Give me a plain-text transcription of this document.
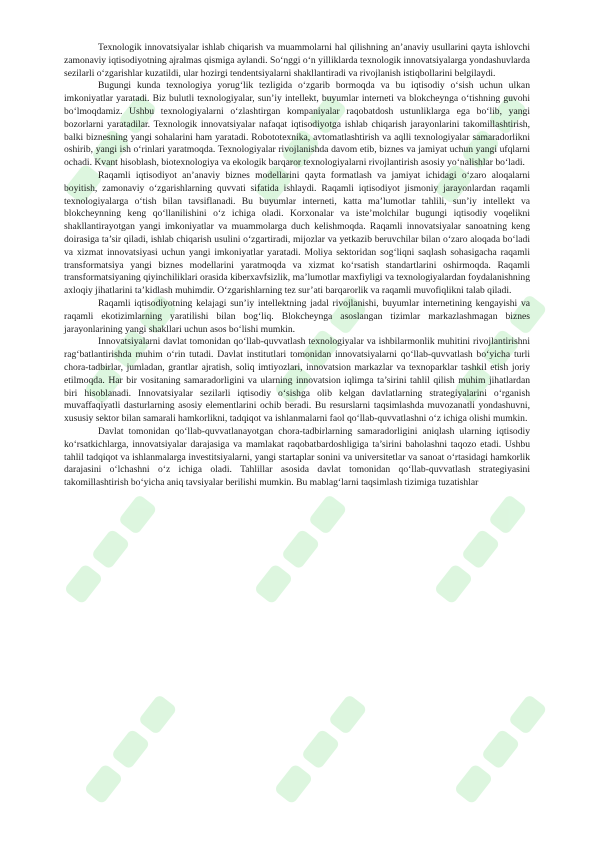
Texnologik innovatsiyalar ishlab chiqarish va muammolarni hal qilishning an’anaviy usullarini qayta ishlovchi zamonaviy iqtisodiyotning ajralmas qismiga aylandi. So‘nggi o‘n yilliklarda texnologik innovatsiyalarga yondashuvlarda sezilarli o‘zgarishlar kuzatildi, ular hozirgi tendentsiyalarni shakllantiradi va rivojlanish istiqbollarini belgilaydi.

Bugungi kunda texnologiya yorug‘lik tezligida o‘zgarib bormoqda va bu iqtisodiy o‘sish uchun ulkan imkoniyatlar yaratadi. Biz bulutli texnologiyalar, sun’iy intellekt, buyumlar interneti va blokcheynga o‘tishning guvohi bo‘lmoqdamiz. Ushbu texnologiyalarni o‘zlashtirgan kompaniyalar raqobatdosh ustunliklarga ega bo‘lib, yangi bozorlarni yaratadilar. Texnologik innovatsiyalar nafaqat iqtisodiyotga ishlab chiqarish jarayonlarini takomillashtirish, balki biznesning yangi sohalarini ham yaratadi. Robototexnika, avtomatlashtirish va aqlli texnologiyalar samaradorlikni oshirib, yangi ish o‘rinlari yaratmoqda. Texnologiyalar rivojlanishda davom etib, biznes va jamiyat uchun yangi ufqlarni ochadi. Kvant hisoblash, biotexnologiya va ekologik barqaror texnologiyalarni rivojlantirish asosiy yo‘nalishlar bo‘ladi.

Raqamli iqtisodiyot an’anaviy biznes modellarini qayta formatlash va jamiyat ichidagi o‘zaro aloqalarni boyitish, zamonaviy o‘zgarishlarning quvvati sifatida ishlaydi. Raqamli iqtisodiyot jismoniy jarayonlardan raqamli texnologiyalarga o‘tish bilan tavsiflanadi. Bu buyumlar interneti, katta ma’lumotlar tahlili, sun’iy intellekt va blokcheynning keng qo‘llanilishini o‘z ichiga oladi. Korxonalar va iste’molchilar bugungi iqtisodiy voqelikni shakllantirayotgan yangi imkoniyatlar va muammolarga duch kelishmoqda. Raqamli innovatsiyalar sanoatning keng doirasiga ta’sir qiladi, ishlab chiqarish usulini o‘zgartiradi, mijozlar va yetkazib beruvchilar bilan o‘zaro aloqada bo‘ladi va xizmat innovatsiyasi uchun yangi imkoniyatlar yaratadi. Moliya sektoridan sog‘liqni saqlash sohasigacha raqamli transformatsiya yangi biznes modellarini yaratmoqda va xizmat ko‘rsatish standartlarini oshirmoqda. Raqamli transformatsiyaning qiyinchiliklari orasida kiberxavfsizlik, ma’lumotlar maxfiyligi va texnologiyalardan foydalanishning axloqiy jihatlarini ta’kidlash muhimdir. O‘zgarishlarning tez sur’ati barqarorlik va raqamli muvofiqlikni talab qiladi.

Raqamli iqtisodiyotning kelajagi sun’iy intellektning jadal rivojlanishi, buyumlar internetining kengayishi va raqamli ekotizimlarning yaratilishi bilan bog‘liq. Blokcheynga asoslangan tizimlar markazlashmagan biznes jarayonlarining yangi shakllari uchun asos bo‘lishi mumkin.

Innovatsiyalarni davlat tomonidan qo‘llab-quvvatlash texnologiyalar va ishbilarmonlik muhitini rivojlantirishni rag‘batlantirishda muhim o‘rin tutadi. Davlat institutlari tomonidan innovatsiyalarni qo‘llab-quvvatlash bo‘yicha turli chora-tadbirlar, jumladan, grantlar ajratish, soliq imtiyozlari, innovatsion markazlar va texnoparklar tashkil etish joriy etilmoqda. Har bir vositaning samaradorligini va ularning innovatsion iqlimga ta’sirini tahlil qilish muhim jihatlardan biri hisoblanadi. Innovatsiyalar sezilarli iqtisodiy o‘sishga olib kelgan davlatlarning strategiyalarini o‘rganish muvaffaqiyatli dasturlarning asosiy elementlarini ochib beradi. Bu resurslarni taqsimlashda muvozanatli yondashuvni, xususiy sektor bilan samarali hamkorlikni, tadqiqot va ishlanmalarni faol qo‘llab-quvvatlashni o‘z ichiga olishi mumkin.

Davlat tomonidan qo‘llab-quvvatlanayotgan chora-tadbirlarning samaradorligini aniqlash ularning iqtisodiy ko‘rsatkichlarga, innovatsiyalar darajasiga va mamlakat raqobatbardoshligiga ta’sirini baholashni taqozo etadi. Ushbu tahlil tadqiqot va ishlanmalarga investitsiyalarni, yangi startaplar sonini va universitetlar va sanoat o‘rtasidagi hamkorlik darajasini o‘lchashni o‘z ichiga oladi. Tahlillar asosida davlat tomonidan qo‘llab-quvvatlash strategiyasini takomillashtirish bo‘yicha aniq tavsiyalar berilishi mumkin. Bu mablag‘larni taqsimlash tizimiga tuzatishlar
